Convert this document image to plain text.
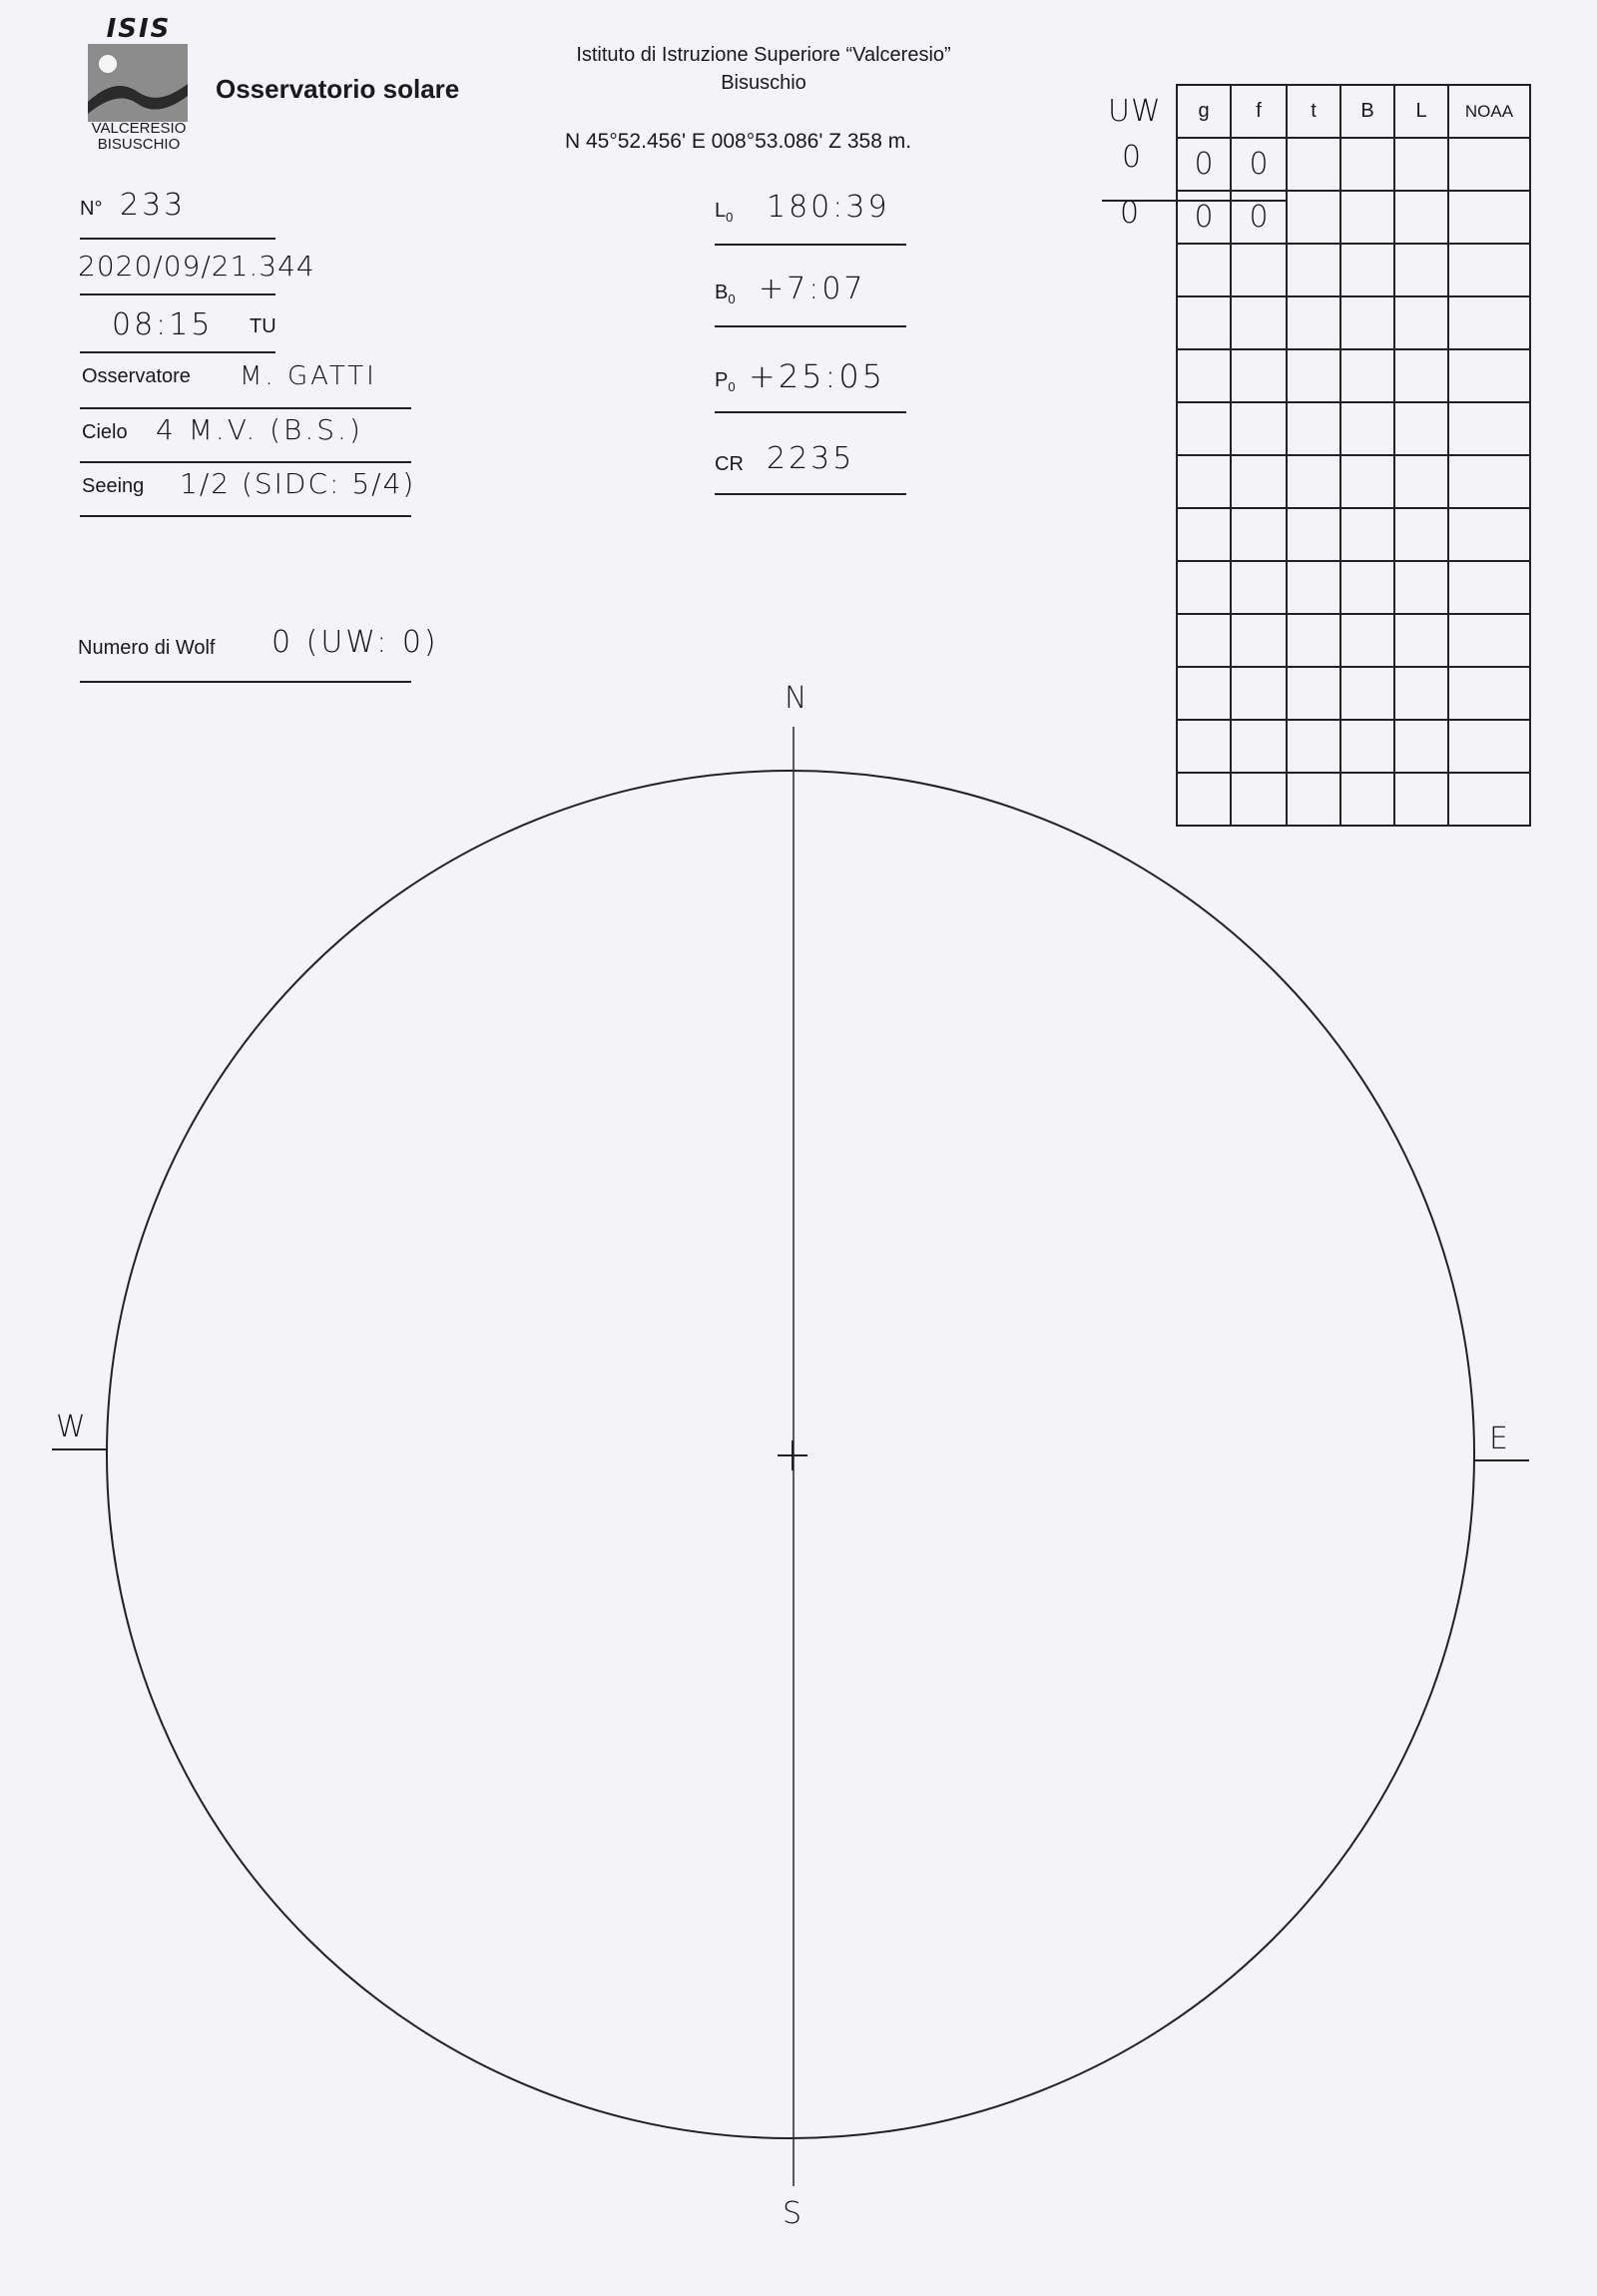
ISIS
VALCERESIO
BISUSCHIO
Osservatorio solare
Istituto di Istruzione Superiore “Valceresio”
Bisuschio
N 45°52.456' E 008°53.086' Z 358 m.
N° 233
2020/09/21.344
08:15 TU
Osservatore M. GATTI
Cielo 4 M.V. (B.S.)
Seeing 1/2 (SIDC: 5/4)
Numero di Wolf 0 (UW: 0)
$L_0$ 180:39
$B_0$ +7:07
$P_0$ +25:05
CR 2235
UW
0
0
g	f	t	B	L	NOAA
0	0				
0	0				

N
S
W	E
